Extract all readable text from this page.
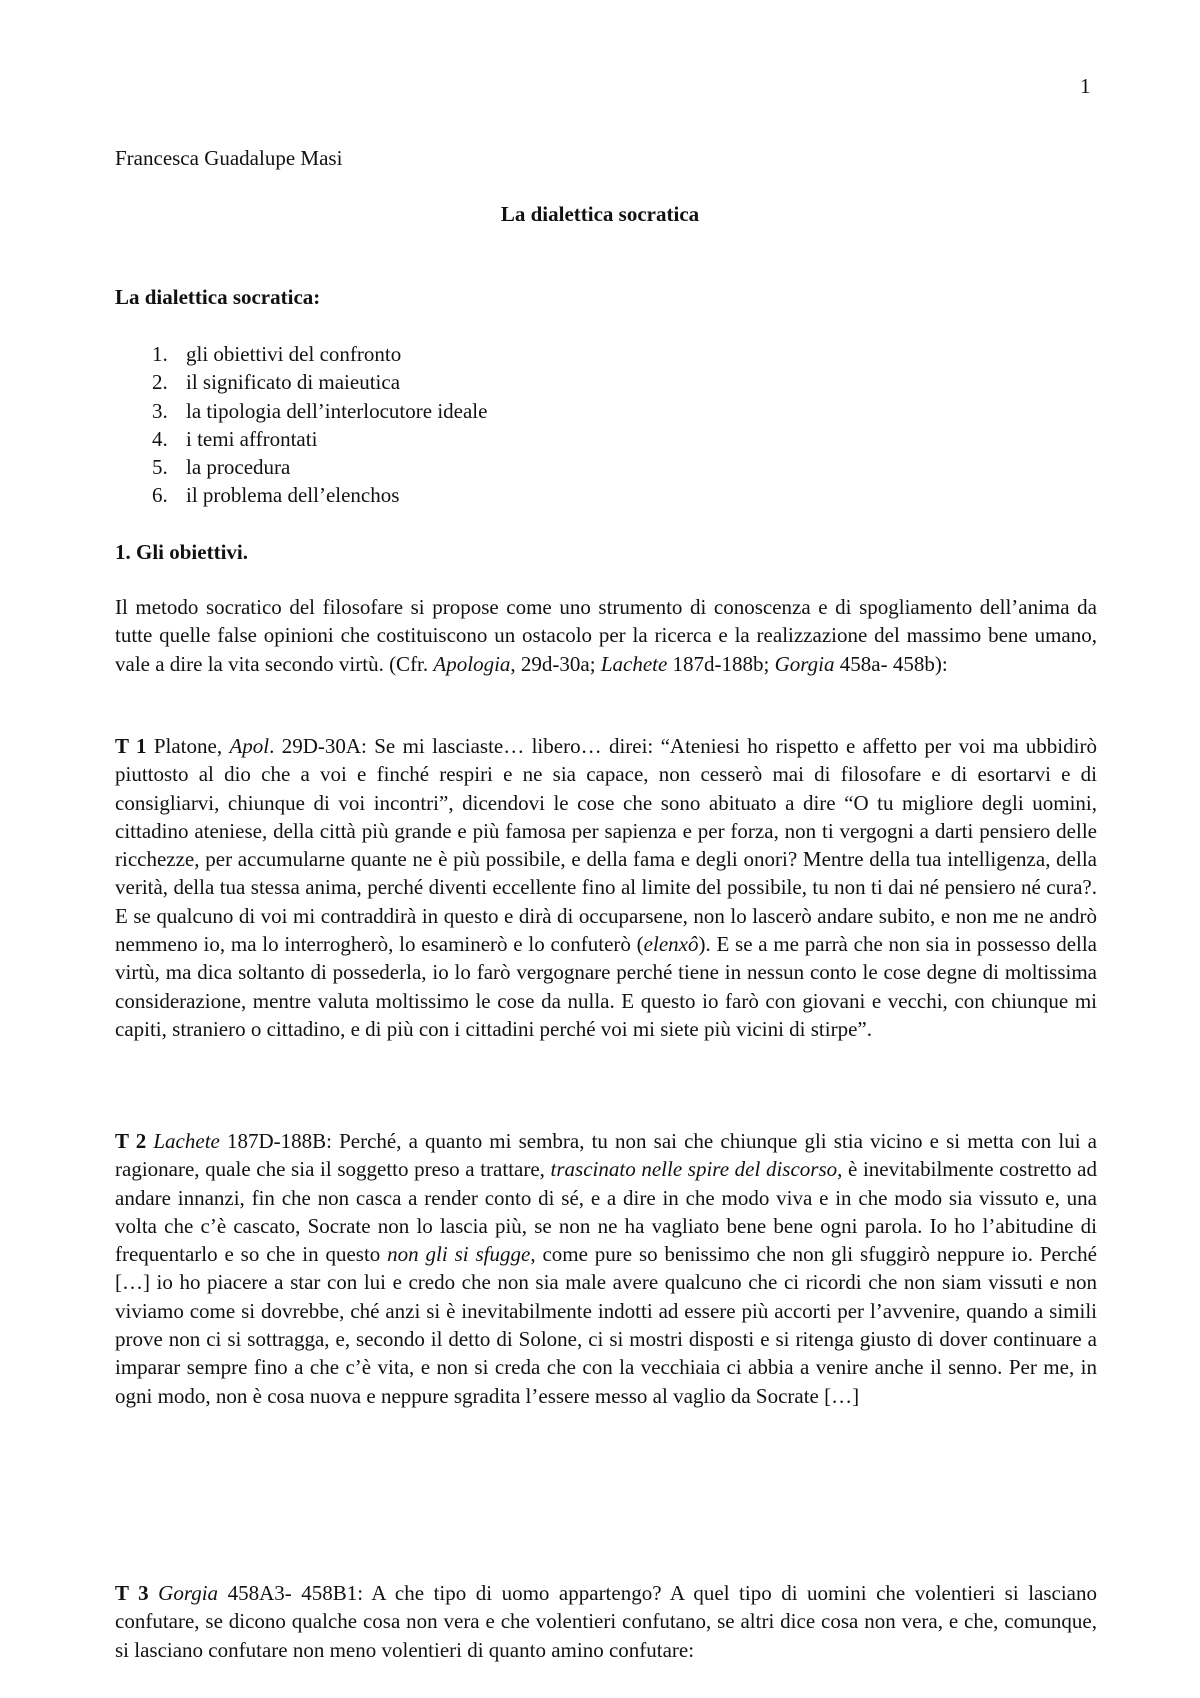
1
Francesca Guadalupe Masi
La dialettica socratica
La dialettica socratica:
1. gli obiettivi del confronto
2. il significato di maieutica
3. la tipologia dell’interlocutore ideale
4. i temi affrontati
5. la procedura
6. il problema dell’elenchos
1. Gli obiettivi.

Il metodo socratico del filosofare si propose come uno strumento di conoscenza e di spogliamento dell’anima da tutte quelle false opinioni che costituiscono un ostacolo per la ricerca e la realizzazione del massimo bene umano, vale a dire la vita secondo virtù. (Cfr. Apologia, 29d-30a; Lachete 187d-188b; Gorgia 458a- 458b):

T 1 Platone, Apol. 29D-30A: Se mi lasciaste… libero… direi: “Ateniesi ho rispetto e affetto per voi ma ubbidirò piuttosto al dio che a voi e finché respiri e ne sia capace, non cesserò mai di filosofare e di esortarvi e di consigliarvi, chiunque di voi incontri”, dicendovi le cose che sono abituato a dire “O tu migliore degli uomini, cittadino ateniese, della città più grande e più famosa per sapienza e per forza, non ti vergogni a darti pensiero delle ricchezze, per accumularne quante ne è più possibile, e della fama e degli onori? Mentre della tua intelligenza, della verità, della tua stessa anima, perché diventi eccellente fino al limite del possibile, tu non ti dai né pensiero né cura?. E se qualcuno di voi mi contraddirà in questo e dirà di occuparsene, non lo lascerò andare subito, e non me ne andrò nemmeno io, ma lo interrogherò, lo esaminerò e lo confuterò (elenxô). E se a me parrà che non sia in possesso della virtù, ma dica soltanto di possederla, io lo farò vergognare perché tiene in nessun conto le cose degne di moltissima considerazione, mentre valuta moltissimo le cose da nulla. E questo io farò con giovani e vecchi, con chiunque mi capiti, straniero o cittadino, e di più con i cittadini perché voi mi siete più vicini di stirpe”.

T 2 Lachete 187D-188B: Perché, a quanto mi sembra, tu non sai che chiunque gli stia vicino e si metta con lui a ragionare, quale che sia il soggetto preso a trattare, trascinato nelle spire del discorso, è inevitabilmente costretto ad andare innanzi, fin che non casca a render conto di sé, e a dire in che modo viva e in che modo sia vissuto e, una volta che c’è cascato, Socrate non lo lascia più, se non ne ha vagliato bene bene ogni parola. Io ho l’abitudine di frequentarlo e so che in questo non gli si sfugge, come pure so benissimo che non gli sfuggirò neppure io. Perché […] io ho piacere a star con lui e credo che non sia male avere qualcuno che ci ricordi che non siam vissuti e non viviamo come si dovrebbe, ché anzi si è inevitabilmente indotti ad essere più accorti per l’avvenire, quando a simili prove non ci si sottragga, e, secondo il detto di Solone, ci si mostri disposti e si ritenga giusto di dover continuare a imparar sempre fino a che c’è vita, e non si creda che con la vecchiaia ci abbia a venire anche il senno. Per me, in ogni modo, non è cosa nuova e neppure sgradita l’essere messo al vaglio da Socrate […]

T 3 Gorgia 458A3- 458B1: A che tipo di uomo appartengo? A quel tipo di uomini che volentieri si lasciano confutare, se dicono qualche cosa non vera e che volentieri confutano, se altri dice cosa non vera, e che, comunque, si lasciano confutare non meno volentieri di quanto amino confutare:
